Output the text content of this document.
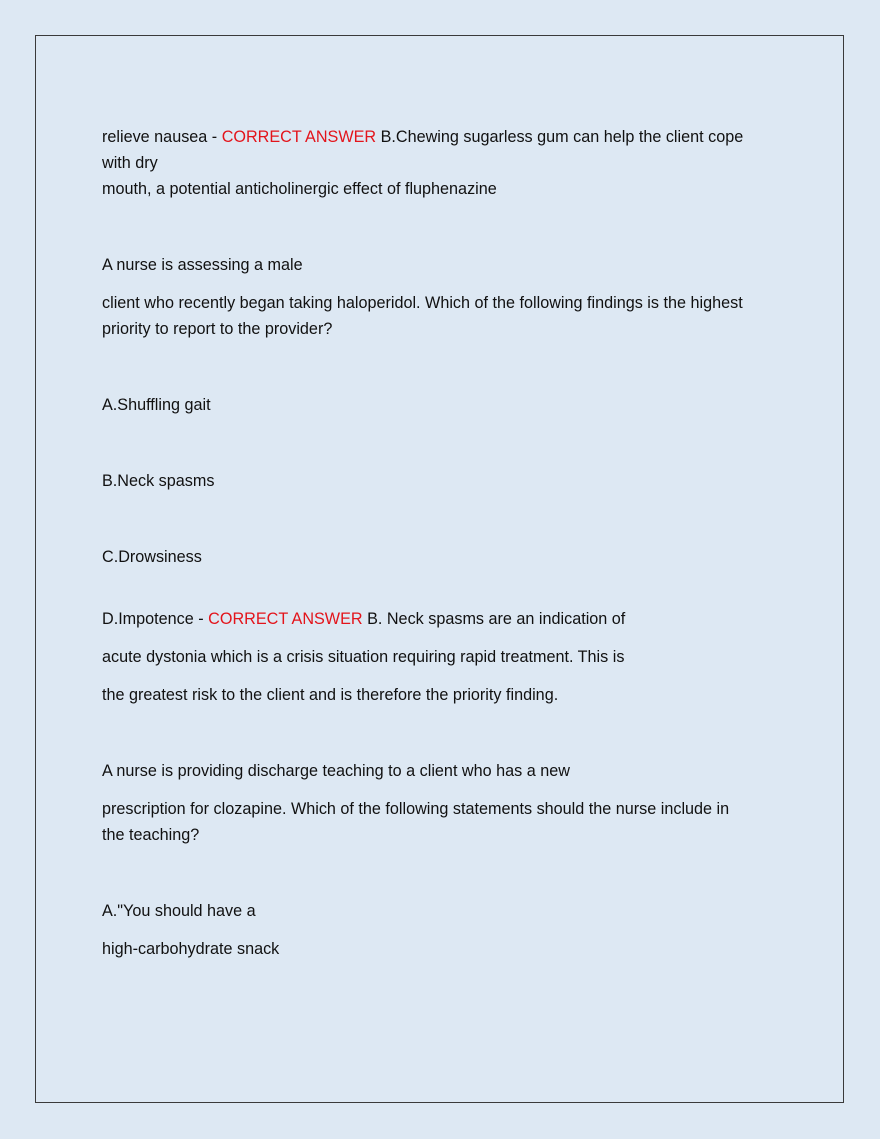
relieve nausea - CORRECT ANSWER B.Chewing sugarless gum can help the client cope with dry
mouth, a potential anticholinergic effect of fluphenazine

A nurse is assessing a male

client who recently began taking haloperidol. Which of the following findings is the highest priority to report to the provider?

A.Shuffling gait

B.Neck spasms

C.Drowsiness

D.Impotence - CORRECT ANSWER B. Neck spasms are an indication of

acute dystonia which is a crisis situation requiring rapid treatment. This is

the greatest risk to the client and is therefore the priority finding.

A nurse is providing discharge teaching to a client who has a new

prescription for clozapine. Which of the following statements should the nurse include in
the teaching?

A."You should have a

high-carbohydrate snack
